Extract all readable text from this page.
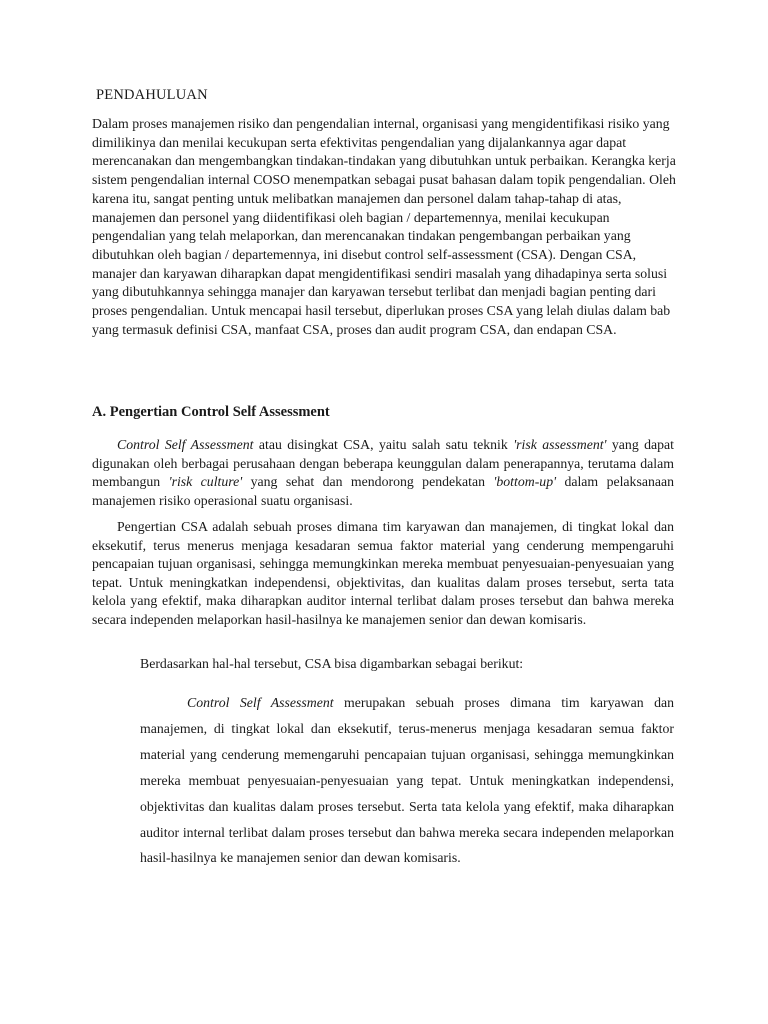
PENDAHULUAN
Dalam proses manajemen risiko dan pengendalian internal, organisasi yang mengidentifikasi risiko yang dimilikinya dan menilai kecukupan serta efektivitas pengendalian yang dijalankannya agar dapat merencanakan dan mengembangkan tindakan-tindakan yang dibutuhkan untuk perbaikan. Kerangka kerja sistem pengendalian internal COSO menempatkan sebagai pusat bahasan dalam topik pengendalian. Oleh karena itu, sangat penting untuk melibatkan manajemen dan personel dalam tahap-tahap di atas, manajemen dan personel yang diidentifikasi oleh bagian / departemennya, menilai kecukupan pengendalian yang telah melaporkan, dan merencanakan tindakan pengembangan perbaikan yang dibutuhkan oleh bagian / departemennya, ini disebut control self-assessment (CSA). Dengan CSA, manajer dan karyawan diharapkan dapat mengidentifikasi sendiri masalah yang dihadapinya serta solusi yang dibutuhkannya sehingga manajer dan karyawan tersebut terlibat dan menjadi bagian penting dari proses pengendalian. Untuk mencapai hasil tersebut, diperlukan proses CSA yang lelah diulas dalam bab yang termasuk definisi CSA, manfaat CSA, proses dan audit program CSA, dan endapan CSA.
A. Pengertian Control Self Assessment
Control Self Assessment atau disingkat CSA, yaitu salah satu teknik 'risk assessment' yang dapat digunakan oleh berbagai perusahaan dengan beberapa keunggulan dalam penerapannya, terutama dalam membangun 'risk culture' yang sehat dan mendorong pendekatan 'bottom-up' dalam pelaksanaan manajemen risiko operasional suatu organisasi.
Pengertian CSA adalah sebuah proses dimana tim karyawan dan manajemen, di tingkat lokal dan eksekutif, terus menerus menjaga kesadaran semua faktor material yang cenderung mempengaruhi pencapaian tujuan organisasi, sehingga memungkinkan mereka membuat penyesuaian-penyesuaian yang tepat. Untuk meningkatkan independensi, objektivitas, dan kualitas dalam proses tersebut, serta tata kelola yang efektif, maka diharapkan auditor internal terlibat dalam proses tersebut dan bahwa mereka secara independen melaporkan hasil-hasilnya ke manajemen senior dan dewan komisaris.
Berdasarkan hal-hal tersebut, CSA bisa digambarkan sebagai berikut:
Control Self Assessment merupakan sebuah proses dimana tim karyawan dan manajemen, di tingkat lokal dan eksekutif, terus-menerus menjaga kesadaran semua faktor material yang cenderung memengaruhi pencapaian tujuan organisasi, sehingga memungkinkan mereka membuat penyesuaian-penyesuaian yang tepat. Untuk meningkatkan independensi, objektivitas dan kualitas dalam proses tersebut. Serta tata kelola yang efektif, maka diharapkan auditor internal terlibat dalam proses tersebut dan bahwa mereka secara independen melaporkan hasil-hasilnya ke manajemen senior dan dewan komisaris.
